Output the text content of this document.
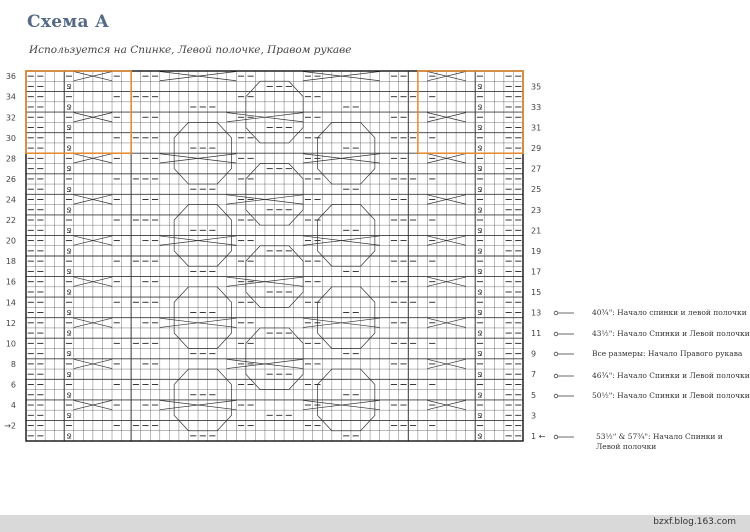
Схема А
Используется на Спинке, Левой полочке, Правом рукаве
Ջ	Ջ
Ջ	Ջ
Ջ	Ջ
Ջ	Ջ
Ջ	Ջ
Ջ	Ջ
Ջ	Ջ
Ջ	Ջ
Ջ	Ջ
Ջ	Ջ
Ջ	Ջ
Ջ	Ջ
Ջ	Ջ
Ջ	Ջ
Ջ	Ջ
Ջ	Ջ
Ջ	Ջ
Ջ	Ջ
36
34
32
30
28
26
24
22
20
18
16
14
12
10
8
6
4
→2
35
33
31
29
27
25
23
21
19
17
15
13
11
9
7
5
3
1 ←
40¾": Начало спинки и левой полочки
43½": Начало Спинки и Левой полочки
Все размеры: Начало Правого рукава
46¾": Начало Спинки и Левой полочки
50½": Начало Спинки и Левой полочки
53½" & 57¾": Начало Спинки и Левой полочки
bzxf.blog.163.com
